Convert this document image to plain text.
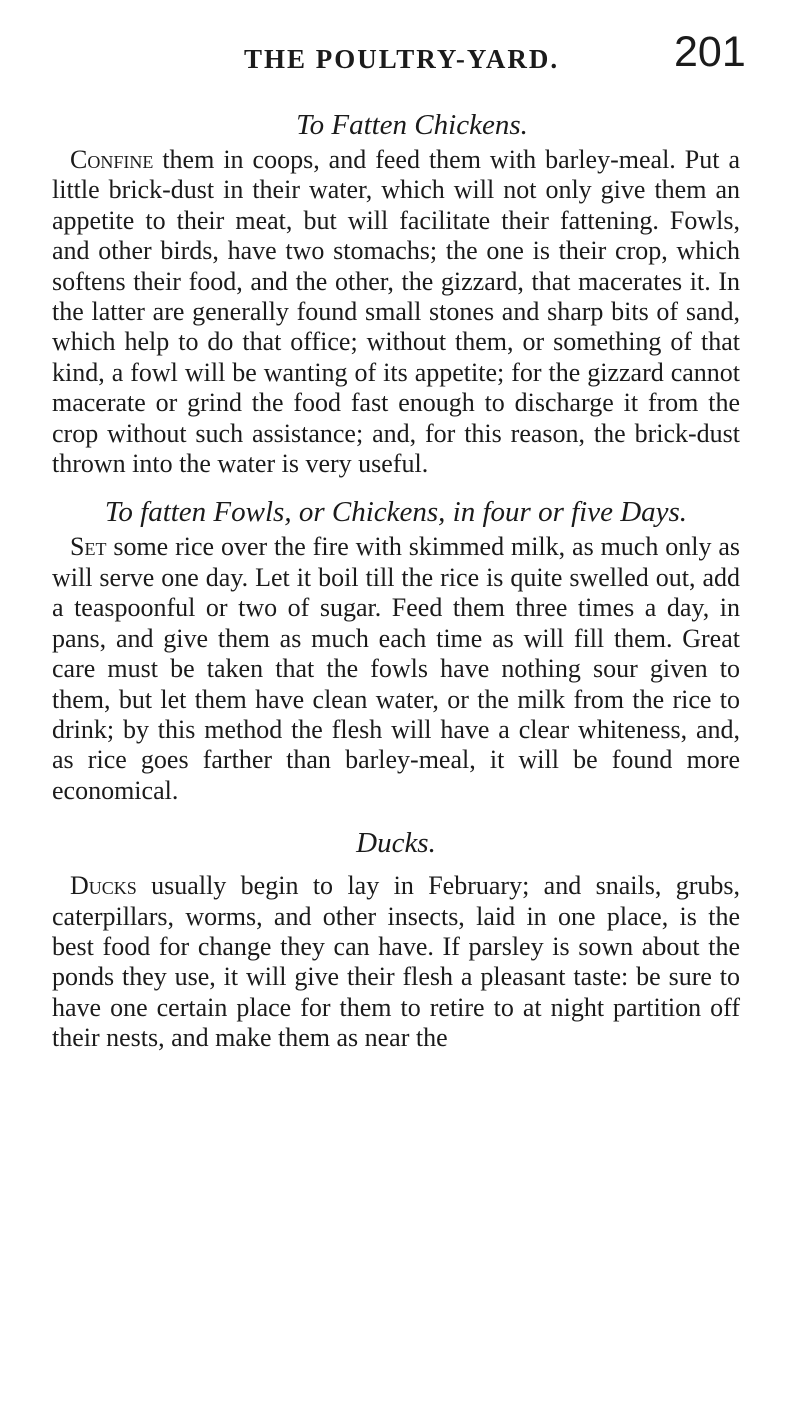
THE POULTRY-YARD.	201
To Fatten Chickens.

Confine them in coops, and feed them with barley-meal. Put a little brick-dust in their water, which will not only give them an appetite to their meat, but will facilitate their fattening. Fowls, and other birds, have two stomachs; the one is their crop, which softens their food, and the other, the gizzard, that macerates it. In the latter are generally found small stones and sharp bits of sand, which help to do that office; without them, or something of that kind, a fowl will be wanting of its appetite; for the gizzard cannot macerate or grind the food fast enough to discharge it from the crop without such assistance; and, for this reason, the brick-dust thrown into the water is very useful.

To fatten Fowls, or Chickens, in four or five Days.

Set some rice over the fire with skimmed milk, as much only as will serve one day. Let it boil till the rice is quite swelled out, add a teaspoonful or two of sugar. Feed them three times a day, in pans, and give them as much each time as will fill them. Great care must be taken that the fowls have nothing sour given to them, but let them have clean water, or the milk from the rice to drink; by this method the flesh will have a clear whiteness, and, as rice goes farther than barley-meal, it will be found more economical.

Ducks.

Ducks usually begin to lay in February; and snails, grubs, caterpillars, worms, and other insects, laid in one place, is the best food for change they can have. If parsley is sown about the ponds they use, it will give their flesh a pleasant taste: be sure to have one certain place for them to retire to at night partition off their nests, and make them as near the
